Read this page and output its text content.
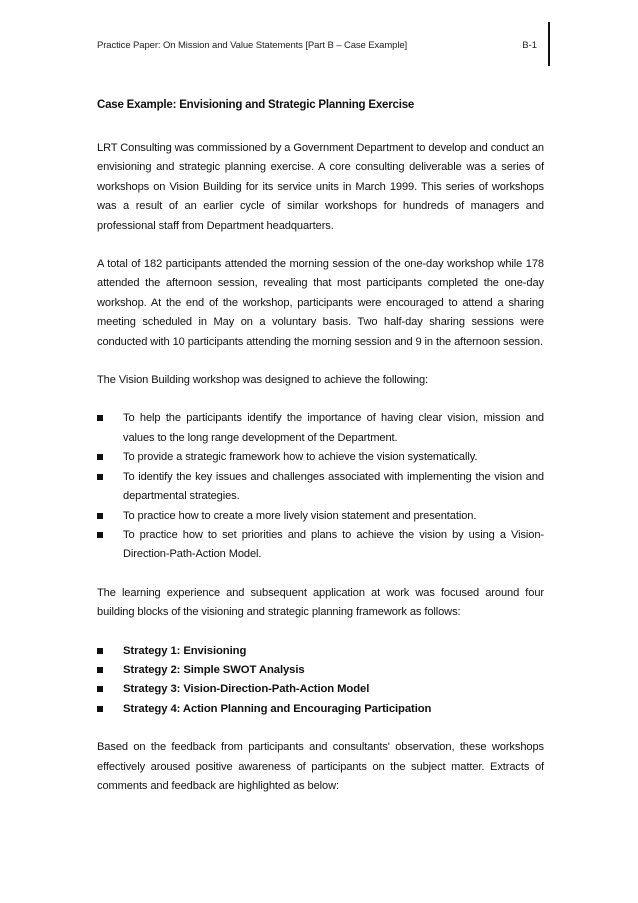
Practice Paper: On Mission and Value Statements [Part B – Case Example]	B-1
Case Example: Envisioning and Strategic Planning Exercise

LRT Consulting was commissioned by a Government Department to develop and conduct an envisioning and strategic planning exercise. A core consulting deliverable was a series of workshops on Vision Building for its service units in March 1999. This series of workshops was a result of an earlier cycle of similar workshops for hundreds of managers and professional staff from Department headquarters.

A total of 182 participants attended the morning session of the one-day workshop while 178 attended the afternoon session, revealing that most participants completed the one-day workshop. At the end of the workshop, participants were encouraged to attend a sharing meeting scheduled in May on a voluntary basis. Two half-day sharing sessions were conducted with 10 participants attending the morning session and 9 in the afternoon session.

The Vision Building workshop was designed to achieve the following:

To help the participants identify the importance of having clear vision, mission and values to the long range development of the Department.
To provide a strategic framework how to achieve the vision systematically.
To identify the key issues and challenges associated with implementing the vision and departmental strategies.
To practice how to create a more lively vision statement and presentation.
To practice how to set priorities and plans to achieve the vision by using a Vision-Direction-Path-Action Model.

The learning experience and subsequent application at work was focused around four building blocks of the visioning and strategic planning framework as follows:

Strategy 1: Envisioning
Strategy 2: Simple SWOT Analysis
Strategy 3: Vision-Direction-Path-Action Model
Strategy 4: Action Planning and Encouraging Participation

Based on the feedback from participants and consultants' observation, these workshops effectively aroused positive awareness of participants on the subject matter. Extracts of comments and feedback are highlighted as below:
